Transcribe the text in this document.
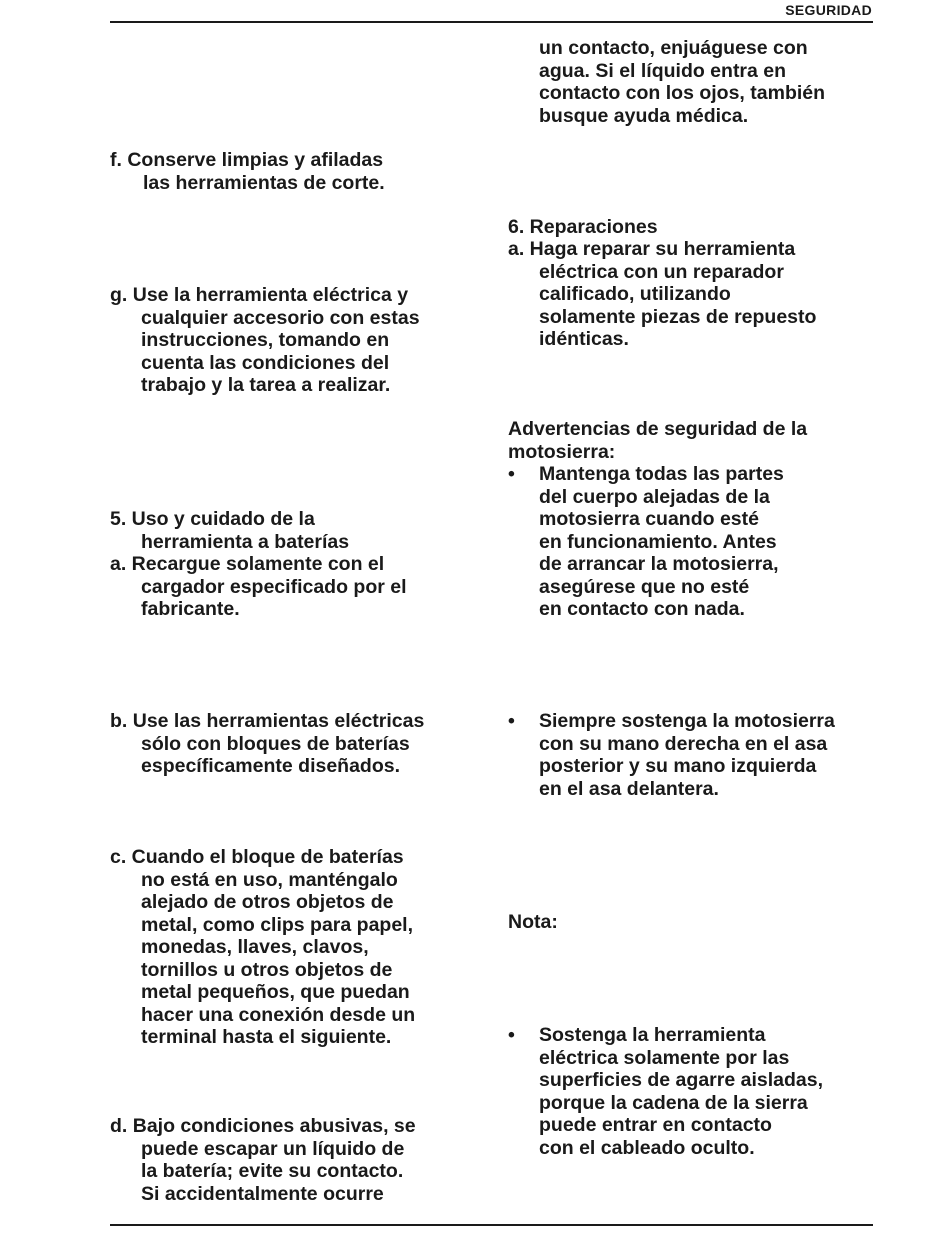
SEGURIDAD
f. Conserve limpias y afiladas
las herramientas de corte.
g. Use la herramienta eléctrica y
cualquier accesorio con estas
instrucciones, tomando en
cuenta las condiciones del
trabajo y la tarea a realizar.
5. Uso y cuidado de la
herramienta a baterías
a. Recargue solamente con el
cargador especificado por el
fabricante.
b. Use las herramientas eléctricas
sólo con bloques de baterías
específicamente diseñados.
c. Cuando el bloque de baterías
no está en uso, manténgalo
alejado de otros objetos de
metal, como clips para papel,
monedas, llaves, clavos,
tornillos u otros objetos de
metal pequeños, que puedan
hacer una conexión desde un
terminal hasta el siguiente.
d. Bajo condiciones abusivas, se
puede escapar un líquido de
la batería; evite su contacto.
Si accidentalmente ocurre
un contacto, enjuáguese con
agua. Si el líquido entra en
contacto con los ojos, también
busque ayuda médica.
6. Reparaciones
a. Haga reparar su herramienta
eléctrica con un reparador
calificado, utilizando
solamente piezas de repuesto
idénticas.
Advertencias de seguridad de la
motosierra:
• Mantenga todas las partes
del cuerpo alejadas de la
motosierra cuando esté
en funcionamiento. Antes
de arrancar la motosierra,
asegúrese que no esté
en contacto con nada.
• Siempre sostenga la motosierra
con su mano derecha en el asa
posterior y su mano izquierda
en el asa delantera.
Nota:
• Sostenga la herramienta
eléctrica solamente por las
superficies de agarre aisladas,
porque la cadena de la sierra
puede entrar en contacto
con el cableado oculto.
